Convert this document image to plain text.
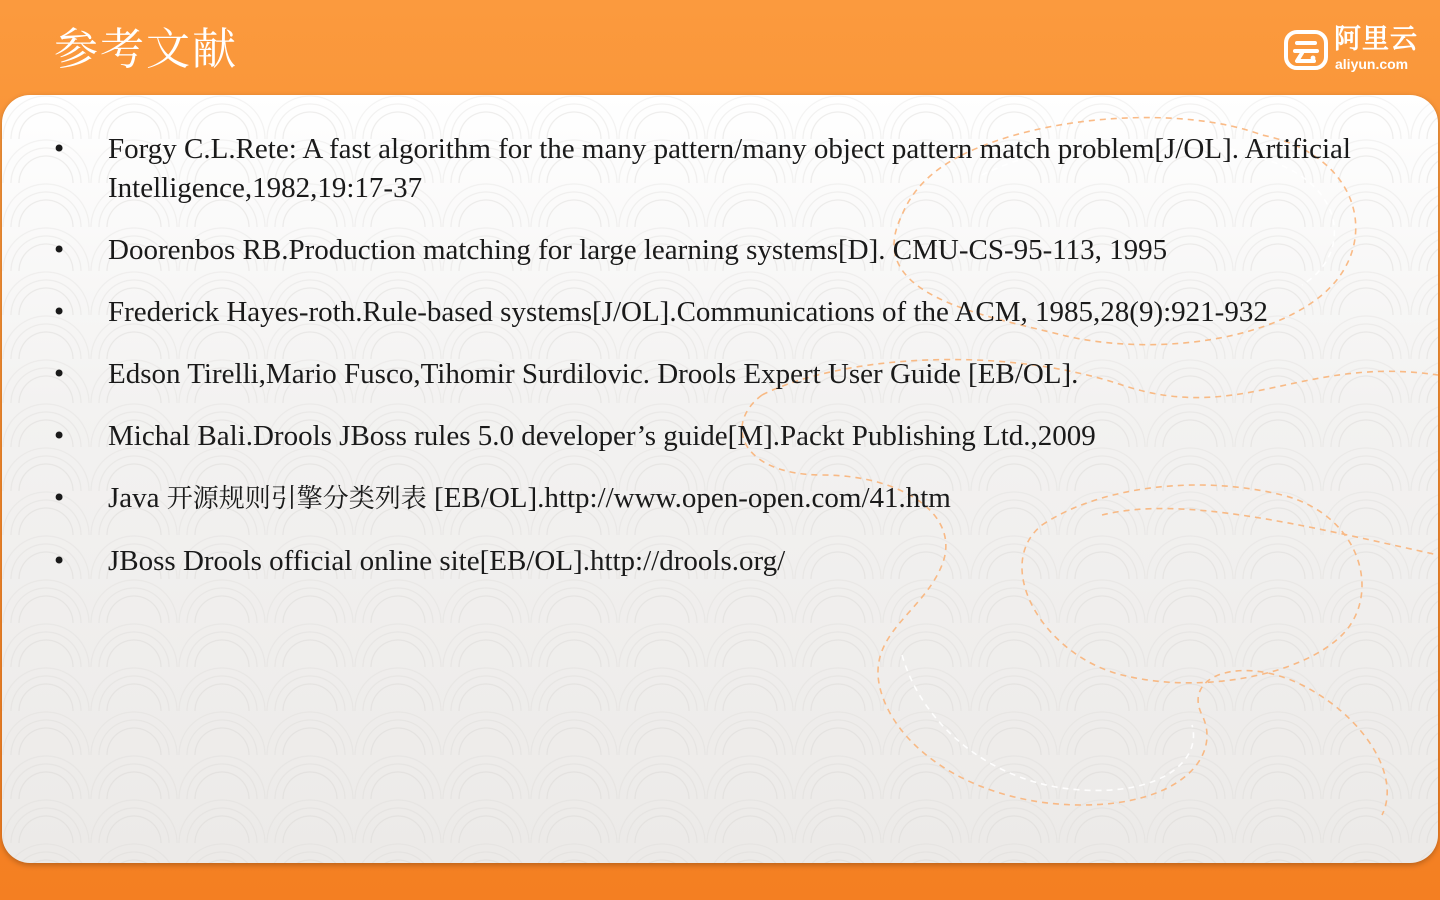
参考文献	阿里云
aliyun.com
• Forgy C.L.Rete: A fast algorithm for the many pattern/many object pattern match problem[J/OL]. Artificial Intelligence,1982,19:17-37
• Doorenbos RB.Production matching for large learning systems[D]. CMU-CS-95-113, 1995
• Frederick Hayes-roth.Rule-based systems[J/OL].Communications of the ACM, 1985,28(9):921-932
• Edson Tirelli,Mario Fusco,Tihomir Surdilovic. Drools Expert User Guide [EB/OL].
• Michal Bali.Drools JBoss rules 5.0 developer’s guide[M].Packt Publishing Ltd.,2009
• Java 开源规则引擎分类列表 [EB/OL].http://www.open-open.com/41.htm
• JBoss Drools official online site[EB/OL].http://drools.org/
